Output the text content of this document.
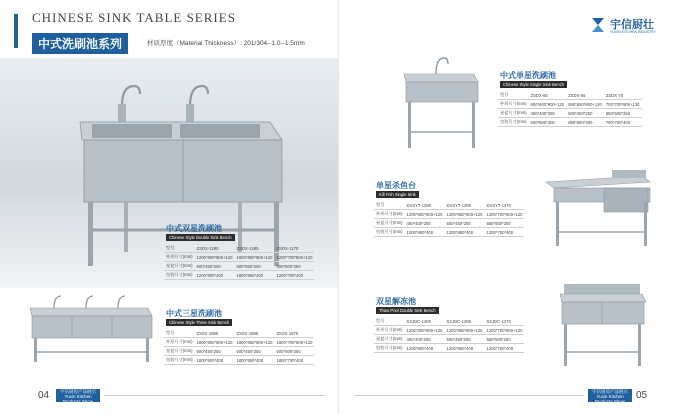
CHINESE SINK TABLE SERIES
中式洗刷池系列	材质厚度（Material Thickness）: 201/304--1.0--1.5mm
中式双星洗刷池
Chinese Style Double Sink Bench
型号	ZSDX-1280	ZSDX-1385	ZSDX-1270
外形尺寸(mm)	1200*800*800+120	1800*850*800+120	1200*700*800+120
星盆尺寸(mm)	500*450*250	600*550*250	500*500*250
包装尺寸(mm)	1200*800*400	1800*850*400	1200*700*400
中式三星洗刷池
Chinese Style Three Sink Bench
型号	ZSSX-1880	ZSSX-1885	ZSSX-1870
外形尺寸(mm)	1800*800*800+120	1800*850*800+120	1800*700*800+120
星盆尺寸(mm)	500*450*250	500*450*250	500*500*250
包装尺寸(mm)	1800*800*400	1800*850*400	1800*700*400
04	宇信厨房产品展示
Yuxin Kitchen Products Show
宇信厨壮
YUXIN KITCHEN INDUSTRY
中式单星洗刷池
Chinese Style Single Sink Bench
型号	ZSDX-60	ZSDX-65	ZSDX-70
外形尺寸(mm)	600*600*800+120	650*650*800+120	700*700*800+120
星盆尺寸(mm)	450*400*250	500*450*250	550*500*250
包装尺寸(mm)	600*600*400	650*650*400	700*700*400
单星杀鱼台
Kill Fish Single Sink
型号	DXSYT-1280	DXSYT-1285	DXSYT-1270
外形尺寸(mm)	1200*800*800+120	1200*850*800+120	1200*700*800+120
星盆尺寸(mm)	450*400*250	500*450*250	550*500*250
包装尺寸(mm)	1200*800*400	1200*850*400	1200*700*400
双星解冻池
Thaw Pool Double Sink Bench
型号	SXJDC-1280	SXJDC-1285	SXJDC-1270
外形尺寸(mm)	1200*800*800+120	1200*850*800+120	1200*700*800+120
星盆尺寸(mm)	450*400*250	500*450*250	550*500*250
包装尺寸(mm)	1200*800*400	1200*850*400	1200*700*400
宇信厨房产品展示
Yuxin Kitchen Products Show
05
